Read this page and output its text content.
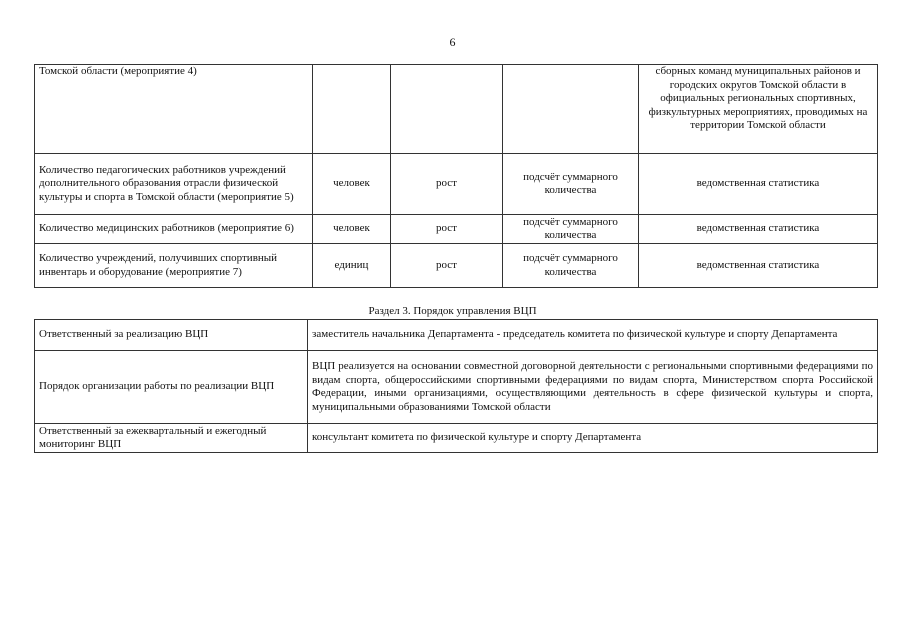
6
Томской области (мероприятие 4)				сборных команд муниципальных районов и городских округов Томской области в официальных региональных спортивных, физкультурных мероприятиях, проводимых на территории Томской области
Количество педагогических работников учреждений дополнительного образования отрасли физической культуры и спорта в Томской области (мероприятие 5)	человек	рост	подсчёт суммарного количества	ведомственная статистика
Количество медицинских работников (мероприятие 6)	человек	рост	подсчёт суммарного количества	ведомственная статистика
Количество учреждений, получивших спортивный инвентарь и оборудование (мероприятие 7)	единиц	рост	подсчёт суммарного количества	ведомственная статистика
Раздел 3. Порядок управления ВЦП
Ответственный за реализацию ВЦП	заместитель начальника Департамента - председатель комитета по физической культуре и спорту Департамента
Порядок организации работы по реализации ВЦП	ВЦП реализуется на основании совместной договорной деятельности с региональными спортивными федерациями по видам спорта, общероссийскими спортивными федерациями по видам спорта, Министерством спорта Российской Федерации, иными организациями, осуществляющими деятельность в сфере физической культуры и спорта, муниципальными образованиями Томской области
Ответственный за ежеквартальный и ежегодный мониторинг ВЦП	консультант комитета по физической культуре и спорту Департамента
